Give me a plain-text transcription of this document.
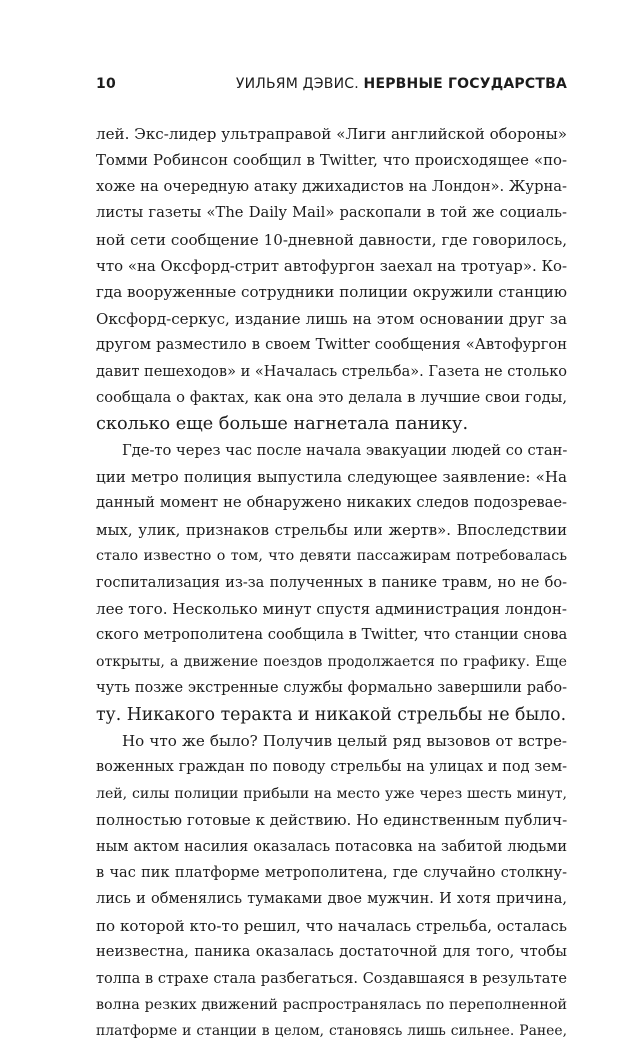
10	УИЛЬЯМ ДЭВИС. НЕРВНЫЕ ГОСУДАРСТВА
лей. Экс-лидер ультраправой «Лиги английской обороны»
Томми Робинсон сообщил в Twitter, что происходящее «по-
хоже на очередную атаку джихадистов на Лондон». Журна-
листы газеты «The Daily Mail» раскопали в той же социаль-
ной сети сообщение 10-дневной давности, где говорилось,
что «на Оксфорд-стрит автофургон заехал на тротуар». Ко-
гда вооруженные сотрудники полиции окружили станцию
Оксфорд-серкус, издание лишь на этом основании друг за
другом разместило в своем Twitter сообщения «Автофургон
давит пешеходов» и «Началась стрельба». Газета не столько
сообщала о фактах, как она это делала в лучшие свои годы,
сколько еще больше нагнетала панику.
Где-то через час после начала эвакуации людей со стан-
ции метро полиция выпустила следующее заявление: «На
данный момент не обнаружено никаких следов подозревае-
мых, улик, признаков стрельбы или жертв». Впоследствии
стало известно о том, что девяти пассажирам потребовалась
госпитализация из-за полученных в панике травм, но не бо-
лее того. Несколько минут спустя администрация лондон-
ского метрополитена сообщила в Twitter, что станции снова
открыты, а движение поездов продолжается по графику. Еще
чуть позже экстренные службы формально завершили рабо-
ту. Никакого теракта и никакой стрельбы не было.
Но что же было? Получив целый ряд вызовов от встре-
воженных граждан по поводу стрельбы на улицах и под зем-
лей, силы полиции прибыли на место уже через шесть минут,
полностью готовые к действию. Но единственным публич-
ным актом насилия оказалась потасовка на забитой людьми
в час пик платформе метрополитена, где случайно столкну-
лись и обменялись тумаками двое мужчин. И хотя причина,
по которой кто-то решил, что началась стрельба, осталась
неизвестна, паника оказалась достаточной для того, чтобы
толпа в страхе стала разбегаться. Создавшаяся в результате
волна резких движений распространялась по переполненной
платформе и станции в целом, становясь лишь сильнее. Ранее,
